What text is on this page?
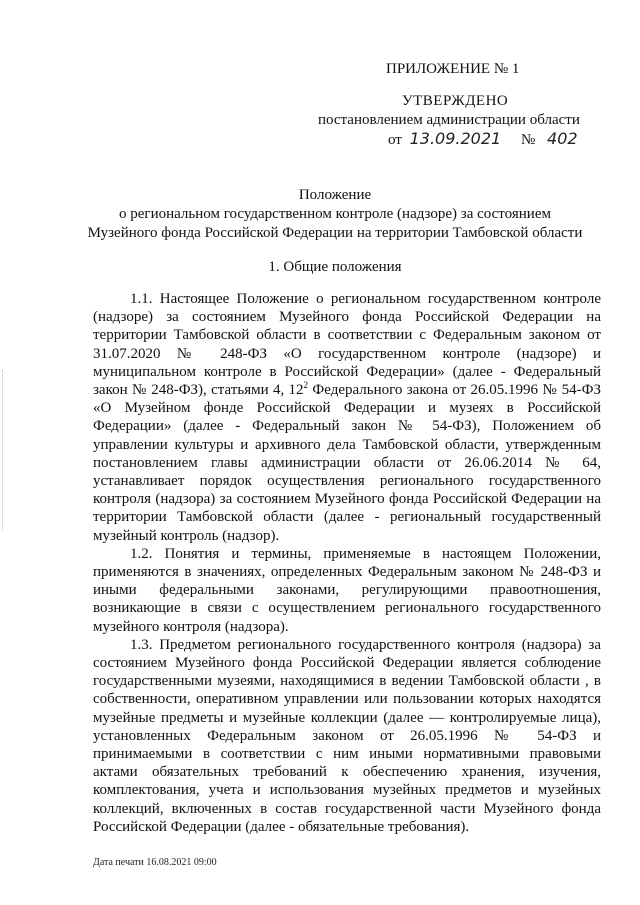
ПРИЛОЖЕНИЕ № 1
УТВЕРЖДЕНО
постановлением администрации области
от 13.09.2021 № 402
Положение
о региональном государственном контроле (надзоре) за состоянием
Музейного фонда Российской Федерации на территории Тамбовской области
1. Общие положения

1.1. Настоящее Положение о региональном государственном контроле (надзоре) за состоянием Музейного фонда Российской Федерации на территории Тамбовской области в соответствии с Федеральным законом от 31.07.2020 № 248-ФЗ «О государственном контроле (надзоре) и муниципальном контроле в Российской Федерации» (далее - Федеральный закон № 248-ФЗ), статьями 4, $12^2$ Федерального закона от 26.05.1996 № 54-ФЗ «О Музейном фонде Российской Федерации и музеях в Российской Федерации» (далее - Федеральный закон № 54-ФЗ), Положением об управлении культуры и архивного дела Тамбовской области, утвержденным постановлением главы администрации области от 26.06.2014 № 64, устанавливает порядок осуществления регионального государственного контроля (надзора) за состоянием Музейного фонда Российской Федерации на территории Тамбовской области (далее - региональный государственный музейный контроль (надзор).

1.2. Понятия и термины, применяемые в настоящем Положении, применяются в значениях, определенных Федеральным законом № 248-ФЗ и иными федеральными законами, регулирующими правоотношения, возникающие в связи с осуществлением регионального государственного музейного контроля (надзора).

1.3. Предметом регионального государственного контроля (надзора) за состоянием Музейного фонда Российской Федерации является соблюдение государственными музеями, находящимися в ведении Тамбовской области , в собственности, оперативном управлении или пользовании которых находятся музейные предметы и музейные коллекции (далее — контролируемые лица), установленных Федеральным законом от 26.05.1996 № 54-ФЗ и принимаемыми в соответствии с ним иными нормативными правовыми актами обязательных требований к обеспечению хранения, изучения, комплектования, учета и использования музейных предметов и музейных коллекций, включенных в состав государственной части Музейного фонда Российской Федерации (далее - обязательные требования).

Дата печати 16.08.2021 09:00
